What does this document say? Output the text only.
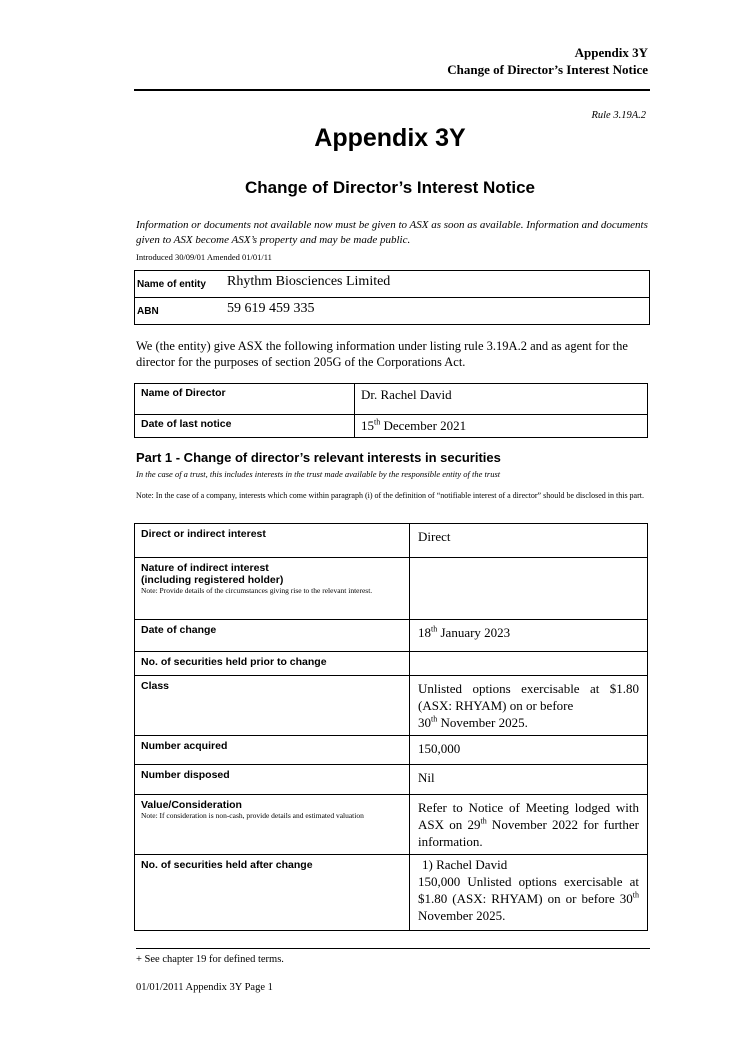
Appendix 3Y
Change of Director’s Interest Notice
Rule 3.19A.2
Appendix 3Y
Change of Director’s Interest Notice
Information or documents not available now must be given to ASX as soon as available. Information and documents given to ASX become ASX’s property and may be made public.
Introduced 30/09/01 Amended 01/01/11
Name of entity	Rhythm Biosciences Limited
ABN	59 619 459 335
We (the entity) give ASX the following information under listing rule 3.19A.2 and as agent for the director for the purposes of section 205G of the Corporations Act.
Name of Director	Dr. Rachel David
Date of last notice	15th December 2021
Part 1 - Change of director’s relevant interests in securities
In the case of a trust, this includes interests in the trust made available by the responsible entity of the trust
Note: In the case of a company, interests which come within paragraph (i) of the definition of “notifiable interest of a director” should be disclosed in this part.
Direct or indirect interest	Direct

Nature of indirect interest
(including registered holder)
Note: Provide details of the circumstances giving rise to the relevant interest.	

Date of change	18th January 2023
No. of securities held prior to change	
Class	Unlisted options exercisable at $1.80 (ASX: RHYAM) on or before
30th November 2025.

Number acquired	150,000
Number disposed	Nil

Value/Consideration
Note: If consideration is non-cash, provide details and estimated valuation	Refer to Notice of Meeting lodged with ASX on 29th November 2022 for further information.
No. of securities held after change	1) Rachel David
150,000 Unlisted options exercisable at $1.80 (ASX: RHYAM) on or before 30th November 2025.
+ See chapter 19 for defined terms.
01/01/2011 Appendix 3Y Page 1
